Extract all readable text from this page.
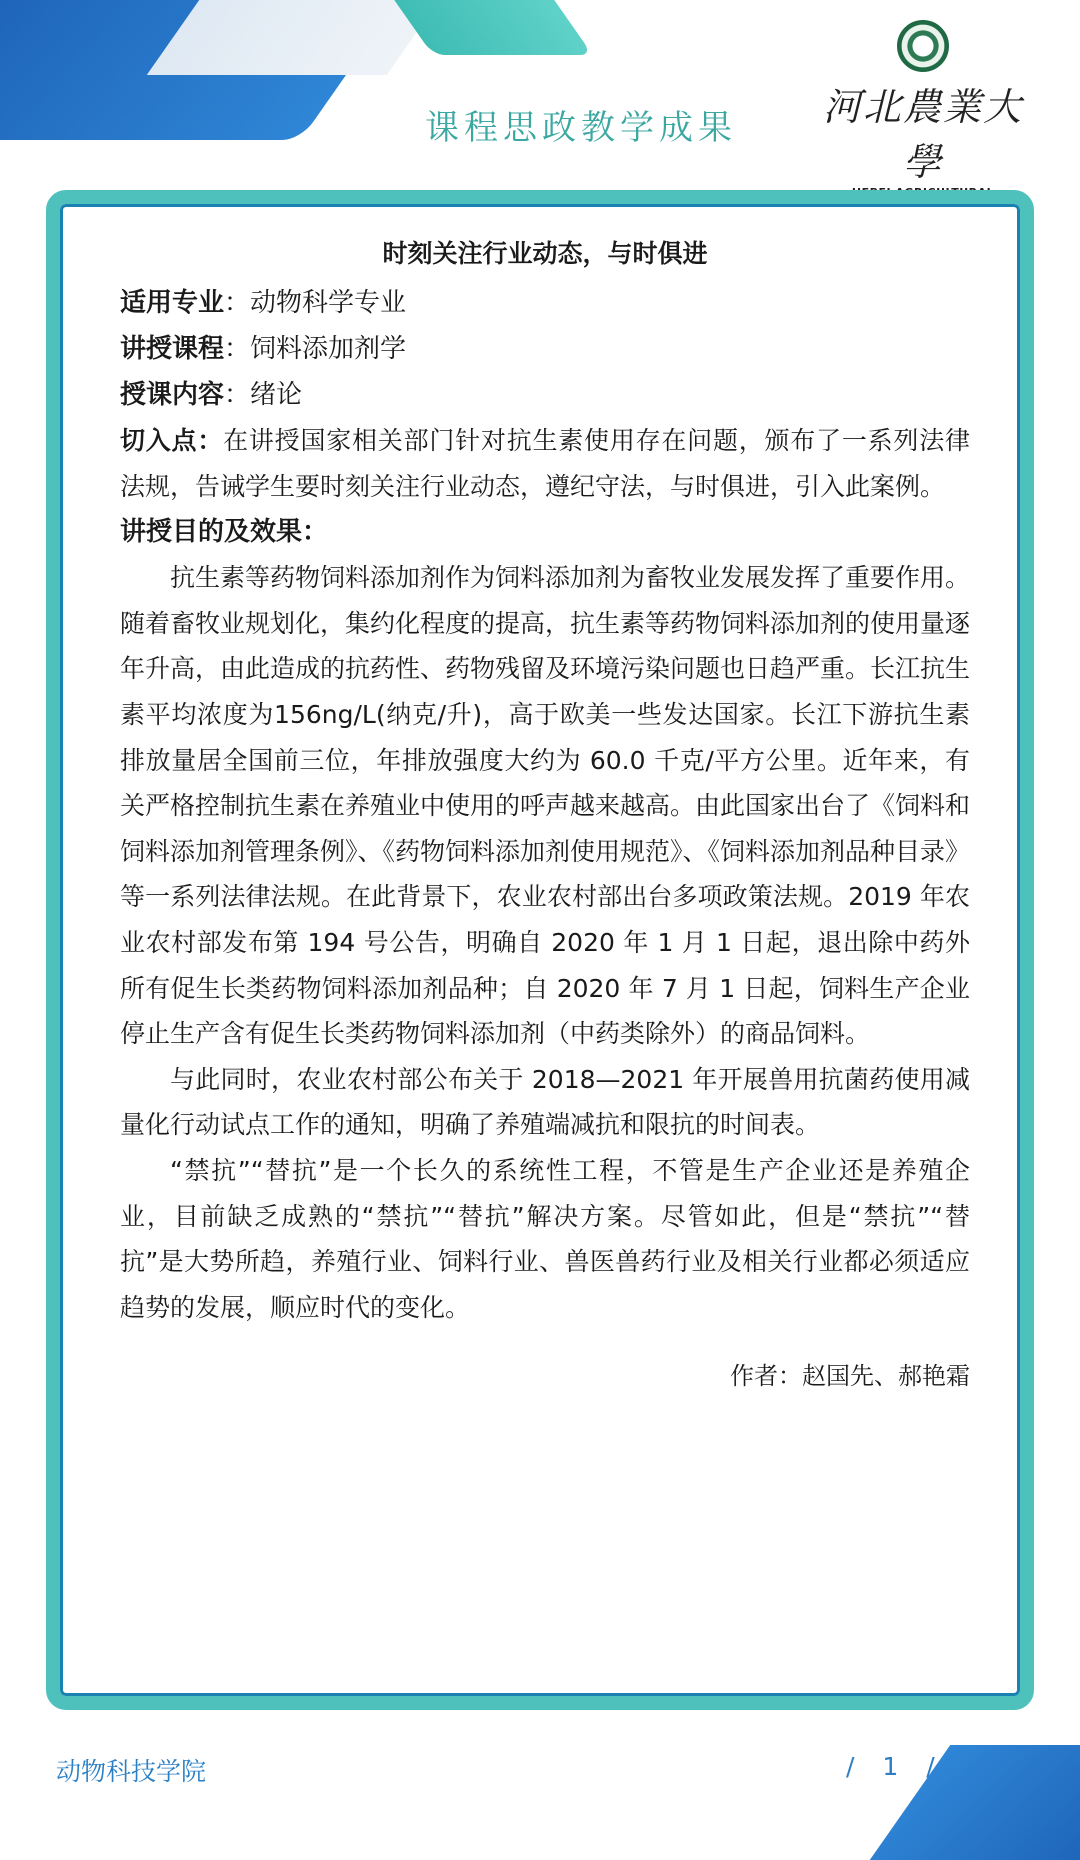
课程思政教学成果 河北農業大學
时刻关注行业动态，与时俱进
适用专业：动物科学专业
讲授课程：饲料添加剂学
授课内容：绪论

切入点：在讲授国家相关部门针对抗生素使用存在问题，颁布了一系列法律法规，告诫学生要时刻关注行业动态，遵纪守法，与时俱进，引入此案例。

讲授目的及效果：

抗生素等药物饲料添加剂作为饲料添加剂为畜牧业发展发挥了重要作用。随着畜牧业规划化，集约化程度的提高，抗生素等药物饲料添加剂的使用量逐年升高，由此造成的抗药性、药物残留及环境污染问题也日趋严重。长江抗生素平均浓度为156ng/L(纳克/升)，高于欧美一些发达国家。长江下游抗生素排放量居全国前三位，年排放强度大约为 60.0 千克/平方公里。近年来，有关严格控制抗生素在养殖业中使用的呼声越来越高。由此国家出台了《饲料和饲料添加剂管理条例》、《药物饲料添加剂使用规范》、《饲料添加剂品种目录》等一系列法律法规。在此背景下，农业农村部出台多项政策法规。2019 年农业农村部发布第 194 号公告，明确自 2020 年 1 月 1 日起，退出除中药外所有促生长类药物饲料添加剂品种；自 2020 年 7 月 1 日起，饲料生产企业停止生产含有促生长类药物饲料添加剂（中药类除外）的商品饲料。

与此同时，农业农村部公布关于 2018—2021 年开展兽用抗菌药使用减量化行动试点工作的通知，明确了养殖端减抗和限抗的时间表。

“禁抗”“替抗”是一个长久的系统性工程，不管是生产企业还是养殖企业，目前缺乏成熟的“禁抗”“替抗”解决方案。尽管如此，但是“禁抗”“替抗”是大势所趋，养殖行业、饲料行业、兽医兽药行业及相关行业都必须适应趋势的发展，顺应时代的变化。

作者：赵国先、郝艳霜
动物科技学院	/ 1 /
